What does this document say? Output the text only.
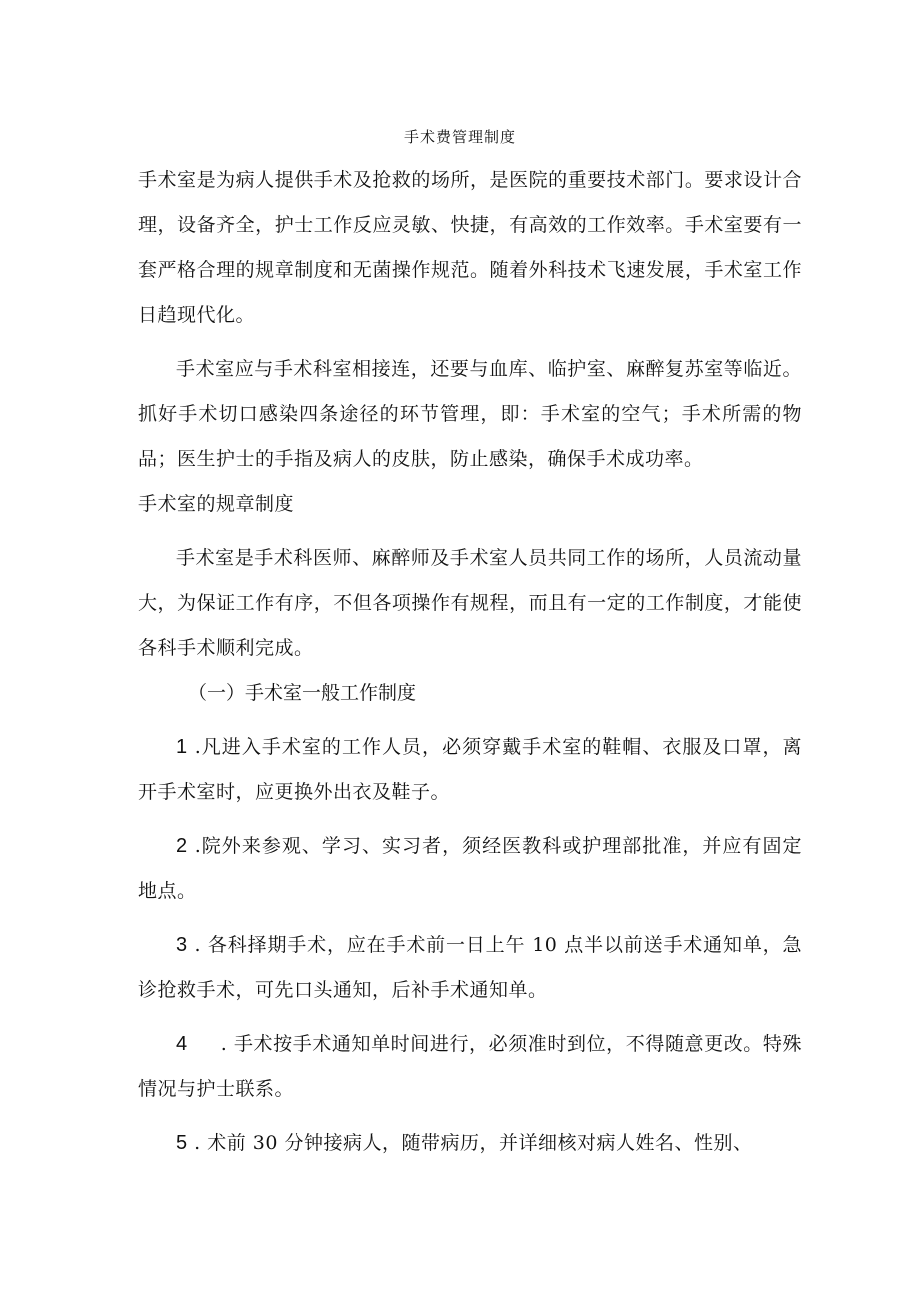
手术费管理制度

手术室是为病人提供手术及抢救的场所，是医院的重要技术部门。要求设计合理，设备齐全，护士工作反应灵敏、快捷，有高效的工作效率。手术室要有一套严格合理的规章制度和无菌操作规范。随着外科技术飞速发展，手术室工作日趋现代化。

手术室应与手术科室相接连，还要与血库、临护室、麻醉复苏室等临近。抓好手术切口感染四条途径的环节管理，即：手术室的空气；手术所需的物品；医生护士的手指及病人的皮肤，防止感染，确保手术成功率。

手术室的规章制度

手术室是手术科医师、麻醉师及手术室人员共同工作的场所，人员流动量大，为保证工作有序，不但各项操作有规程，而且有一定的工作制度，才能使各科手术顺利完成。

（一）手术室一般工作制度

1 .凡进入手术室的工作人员，必须穿戴手术室的鞋帽、衣服及口罩，离开手术室时，应更换外出衣及鞋子。

2 .院外来参观、学习、实习者，须经医教科或护理部批准，并应有固定地点。

3 . 各科择期手术，应在手术前一日上午 10 点半以前送手术通知单，急诊抢救手术，可先口头通知，后补手术通知单。

4 . 手术按手术通知单时间进行，必须准时到位，不得随意更改。特殊情况与护士联系。

5 . 术前 30 分钟接病人，随带病历，并详细核对病人姓名、性别、
